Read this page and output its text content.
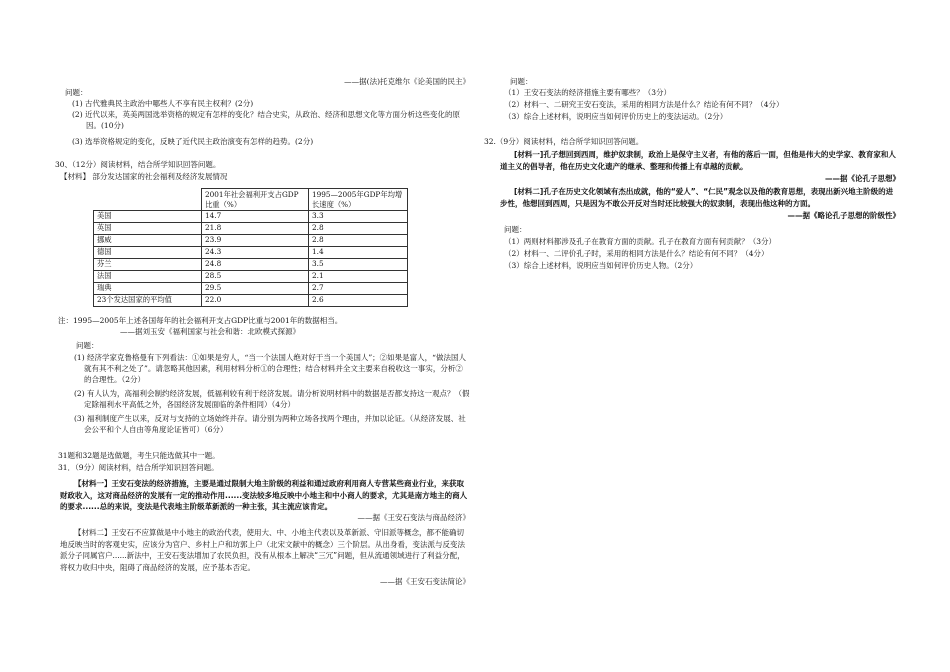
——据(法)托克维尔《论美国的民主》
问题：
(1) 古代雅典民主政治中哪些人不享有民主权利？(2分)
(2) 近代以来，英美两国选举资格的规定有怎样的变化？结合史实，从政治、经济和思想文化等方面分析这些变化的原因。(10分)
(3) 选举资格规定的变化，反映了近代民主政治演变有怎样的趋势。(2分)
30、（12分）阅读材料，结合所学知识回答问题。
【材料】 部分发达国家的社会福利及经济发展情况
	2001年社会福利开支占GDP比重（%）	1995—2005年GDP年均增长速度（%）
美国	14.7	3.3
英国	21.8	2.8
挪威	23.9	2.8
德国	24.3	1.4
芬兰	24.8	3.5
法国	28.5	2.1
瑞典	29.5	2.7
23个发达国家的平均值	22.0	2.6
注：1995—2005年上述各国每年的社会福利开支占GDP比重与2001年的数据相当。
——据刘玉安《福利国家与社会和谐：北欧模式探源》
问题：
(1) 经济学家克鲁格曼有下列看法：①如果是穷人，“当一个法国人绝对好于当一个美国人”；②如果是富人，“做法国人就有其不利之处了”。请忽略其他因素，利用材料分析①的合理性；结合材料并全文主要来自税收这一事实，分析②的合理性。（2分）
(2) 有人认为，高福利会制约经济发展，低福利较有利于经济发展。请分析说明材料中的数据是否都支持这一观点？（假定除福利水平高低之外，各国经济发展面临的条件相同）（4分）
(3) 福利制度产生以来，反对与支持的立场始终并存。请分别为两种立场各找两个理由，并加以论证。（从经济发展、社会公平和个人自由等角度论证皆可）（6分）
31题和32题是选做题，考生只能选做其中一题。
31．（9分）阅读材料，结合所学知识回答问题。
【材料一】王安石变法的经济措施，主要是通过限制大地主阶级的利益和通过政府利用商人专营某些商业行业，来获取财政收入，这对商品经济的发展有一定的推动作用......变法较多地反映中小地主和中小商人的要求，尤其是南方地主的商人的要求......总的来说，变法是代表地主阶级革新派的一种主张，其主流应该肯定。
——据《王安石变法与商品经济》
【材料二】王安石不应算做是中小地主的政治代表，使用大、中、小地主代表以及革新派、守旧派等概念，都不能确切地反映当时的客观史实，应该分为官户、乡村上户和坊郭上户（北宋文献中的概念）三个阶层。从出身看，变法派与反变法派分子同属官户......新法中，王安石变法增加了农民负担，没有从根本上解决“三冗”问题，但从流通领域进行了利益分配，将权力收归中央，阻碍了商品经济的发展，应予基本否定。
——据《王安石变法简论》
问题：
（1）王安石变法的经济措施主要有哪些？（3分）
（2）材料一、二研究王安石变法，采用的相同方法是什么？结论有何不同？（4分）
（3）综合上述材料，说明应当如何评价历史上的变法运动。（2分）
32.（9分）阅读材料，结合所学知识回答问题。
[材料一]孔子想回到西周，维护奴隶制，政治上是保守主义者，有他的落后一面，但他是伟大的史学家、教育家和人道主义的倡导者，他在历史文化遗产的继承、整理和传播上有卓越的贡献。
——据《论孔子思想》
[材料二]孔子在历史文化领域有杰出成就，他的“爱人”、“仁民”观念以及他的教育思想，表现出新兴地主阶级的进步性，他想回到西周，只是因为不敢公开反对当时还比较强大的奴隶制，表现出他这种的方面。
——据《略论孔子思想的阶级性》
问题：
（1）两则材料都涉及孔子在教育方面的贡献。孔子在教育方面有何贡献？（3分）
（2）材料一、二评价孔子时，采用的相同方法是什么？结论有何不同？（4分）
（3）综合上述材料，说明应当如何评价历史人物。（2分）
